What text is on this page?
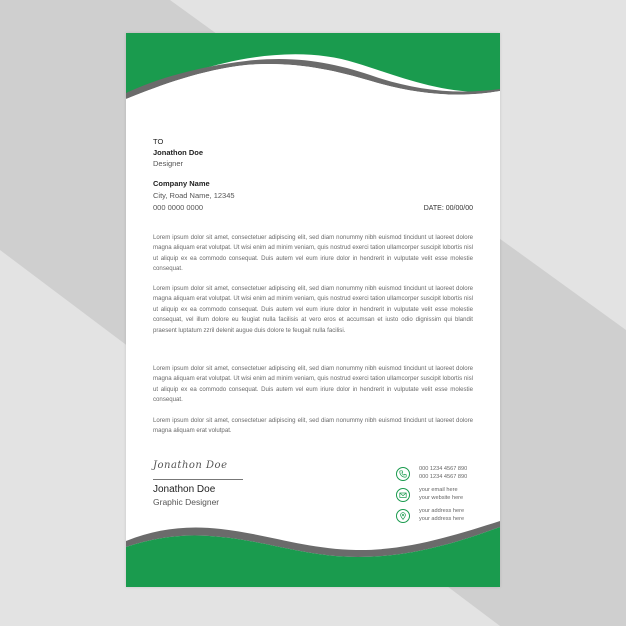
TO
Jonathon Doe
Designer
Company Name
City, Road Name, 12345
000 0000 0000	DATE: 00/00/00

Lorem ipsum dolor sit amet, consectetuer adipiscing elit, sed diam nonummy nibh euismod tincidunt ut laoreet dolore magna aliquam erat volutpat. Ut wisi enim ad minim veniam, quis nostrud exerci tation ullamcorper suscipit lobortis nisl ut aliquip ex ea commodo consequat. Duis autem vel eum iriure dolor in hendrerit in vulputate velit esse molestie consequat.

Lorem ipsum dolor sit amet, consectetuer adipiscing elit, sed diam nonummy nibh euismod tincidunt ut laoreet dolore magna aliquam erat volutpat. Ut wisi enim ad minim veniam, quis nostrud exerci tation ullamcorper suscipit lobortis nisl ut aliquip ex ea commodo consequat. Duis autem vel eum iriure dolor in hendrerit in vulputate velit esse molestie consequat, vel illum dolore eu feugiat nulla facilisis at vero eros et accumsan et iusto odio dignissim qui blandit praesent luptatum zzril delenit augue duis dolore te feugait nulla facilisi.

Lorem ipsum dolor sit amet, consectetuer adipiscing elit, sed diam nonummy nibh euismod tincidunt ut laoreet dolore magna aliquam erat volutpat. Ut wisi enim ad minim veniam, quis nostrud exerci tation ullamcorper suscipit lobortis nisl ut aliquip ex ea commodo consequat. Duis autem vel eum iriure dolor in hendrerit in vulputate velit esse molestie consequat.

Lorem ipsum dolor sit amet, consectetuer adipiscing elit, sed diam nonummy nibh euismod tincidunt ut laoreet dolore magna aliquam erat volutpat.

Jonathon Doe
Jonathon Doe
Graphic Designer
000 1234 4567 890
000 1234 4567 890
your email here
your website here
your address here
your address here
